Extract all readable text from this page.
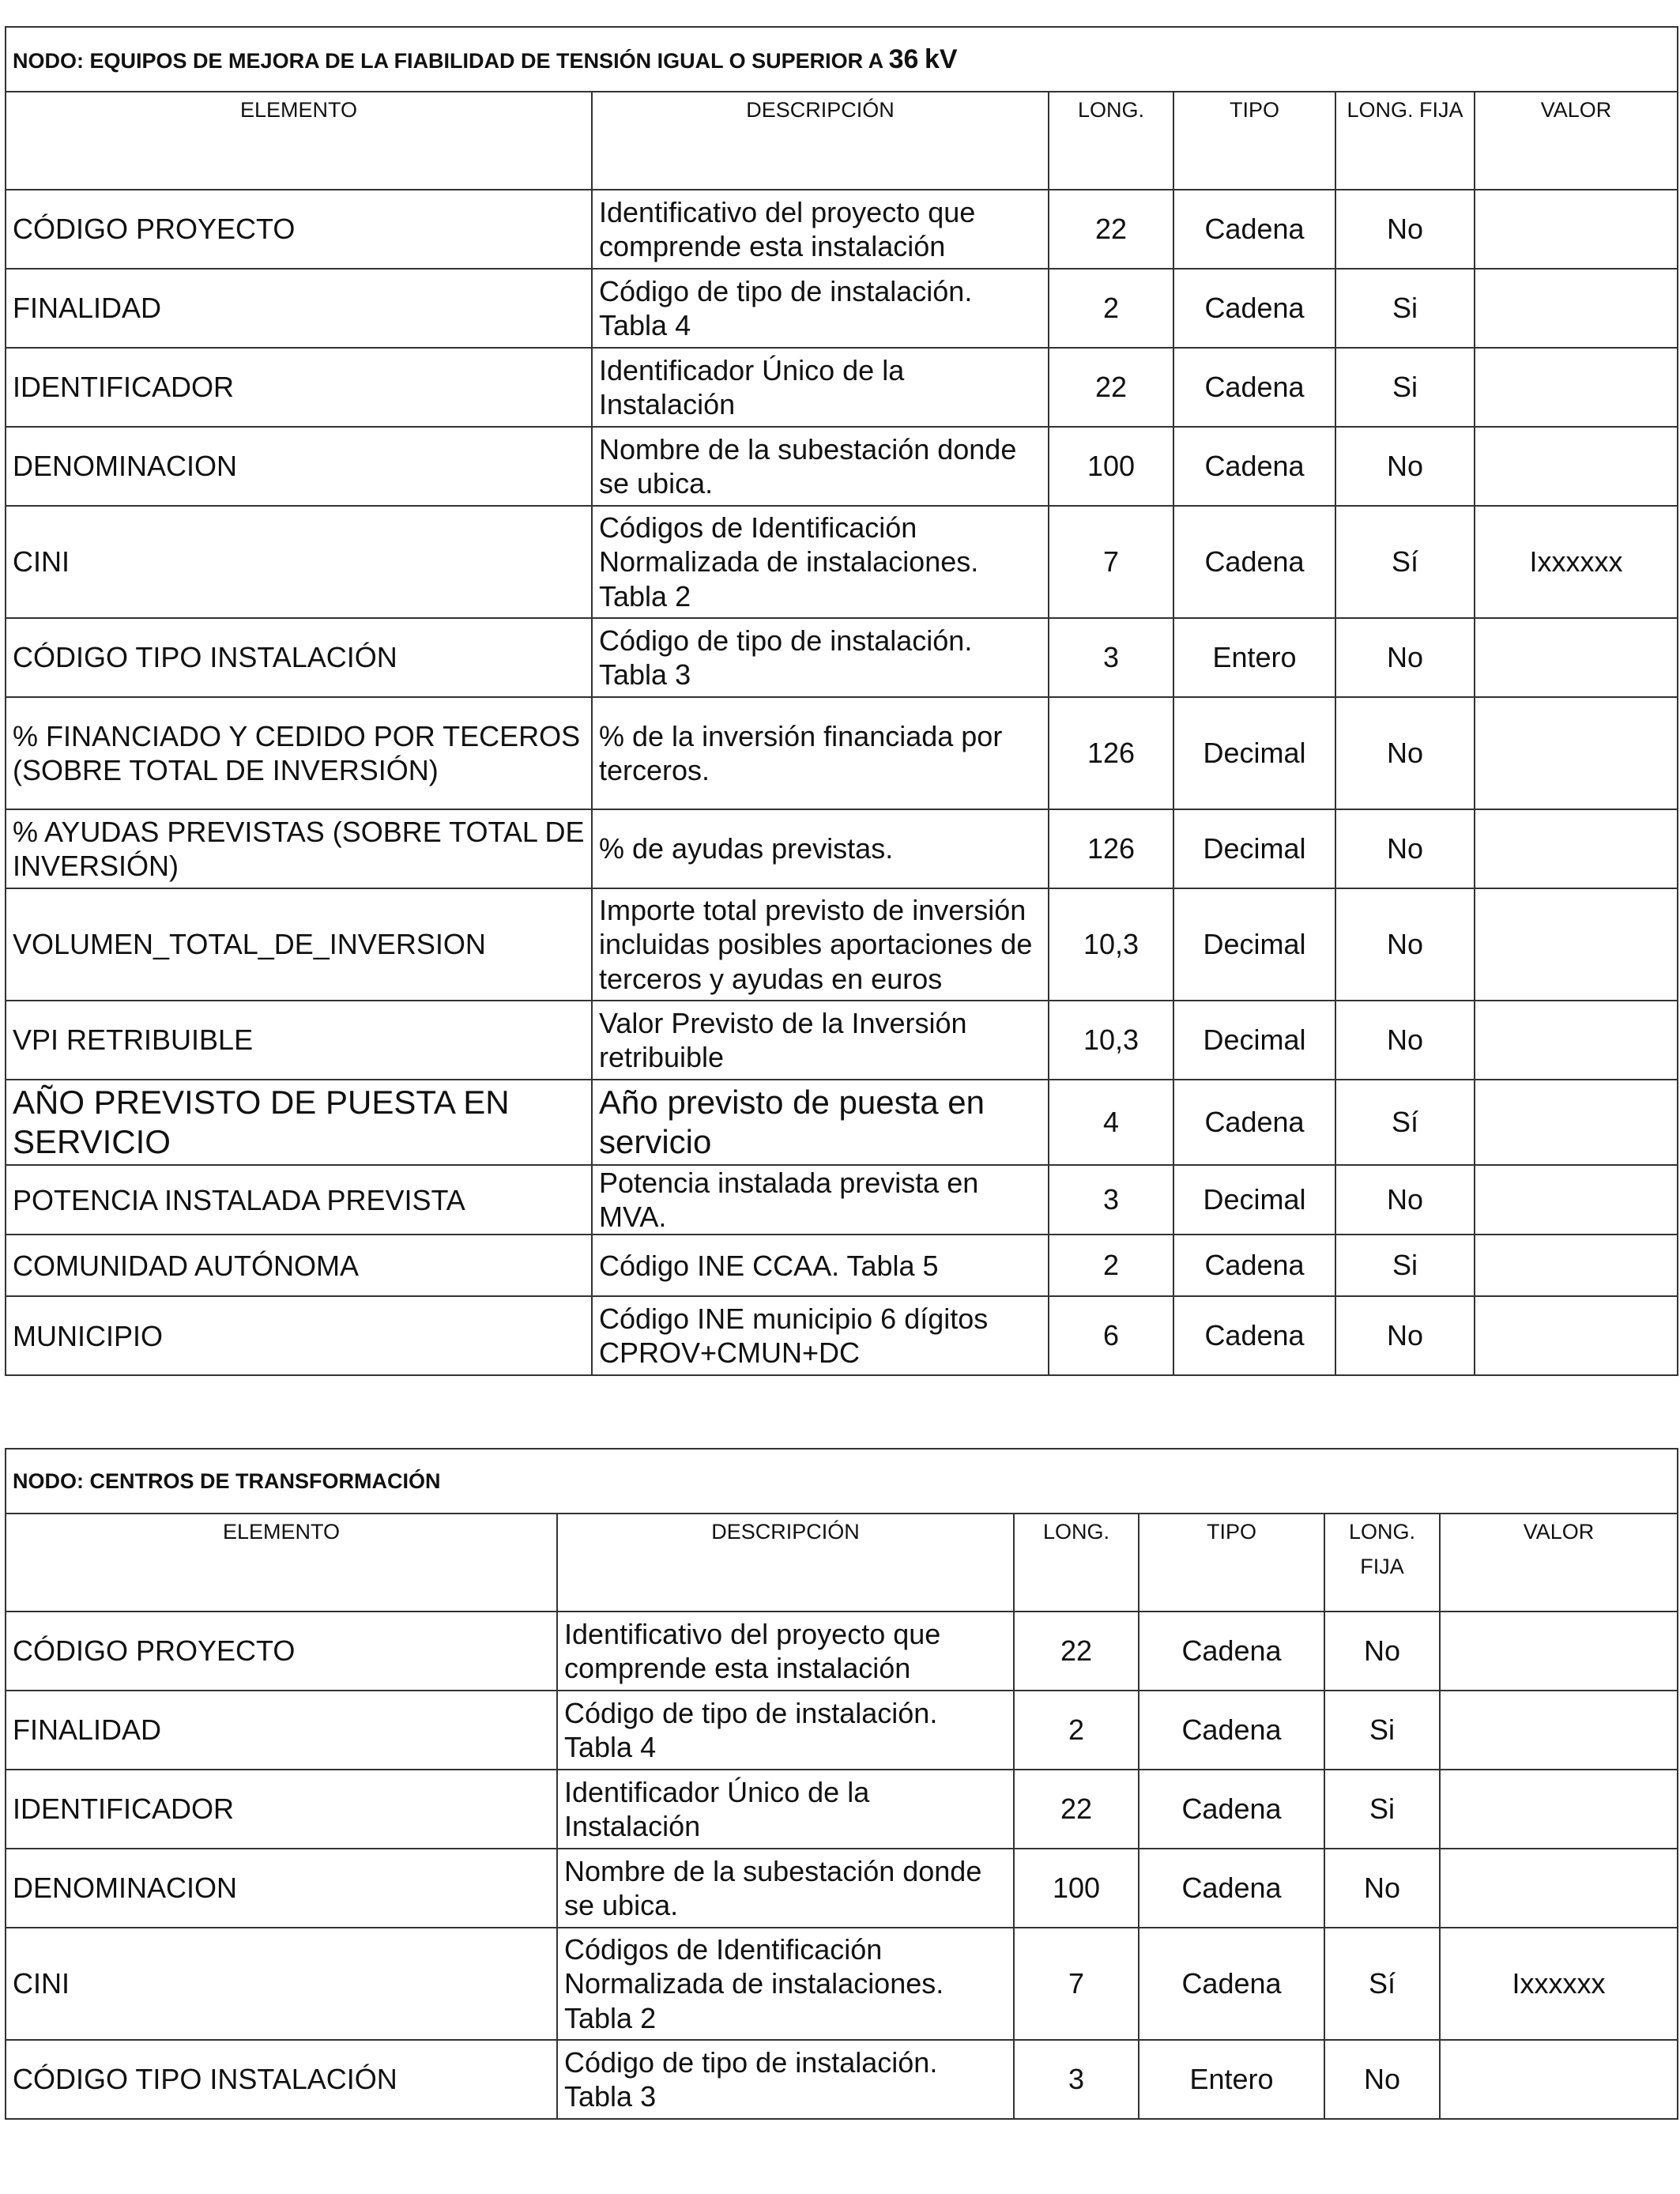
NODO: EQUIPOS DE MEJORA DE LA FIABILIDAD DE TENSIÓN IGUAL O SUPERIOR A 36 kV					
ELEMENTO	DESCRIPCIÓN	LONG.	TIPO	LONG. FIJA	VALOR
CÓDIGO PROYECTO	Identificativo del proyecto que comprende esta instalación	22	Cadena	No	
FINALIDAD	Código de tipo de instalación. Tabla 4	2	Cadena	Si	
IDENTIFICADOR	Identificador Único de la Instalación	22	Cadena	Si	
DENOMINACION	Nombre de la subestación donde se ubica.	100	Cadena	No	
CINI	Códigos de Identificación Normalizada de instalaciones. Tabla 2	7	Cadena	Sí	Ixxxxxx
CÓDIGO TIPO INSTALACIÓN	Código de tipo de instalación. Tabla 3	3	Entero	No	
% FINANCIADO Y CEDIDO POR TECEROS (SOBRE TOTAL DE INVERSIÓN)	% de la inversión financiada por terceros.	126	Decimal	No	
% AYUDAS PREVISTAS (SOBRE TOTAL DE INVERSIÓN)	% de ayudas previstas.	126	Decimal	No	
VOLUMEN_TOTAL_DE_INVERSION	Importe total previsto de inversión incluidas posibles aportaciones de terceros y ayudas en euros	10,3	Decimal	No	
VPI RETRIBUIBLE	Valor Previsto de la Inversión retribuible	10,3	Decimal	No	
AÑO PREVISTO DE PUESTA EN SERVICIO	Año previsto de puesta en servicio	4	Cadena	Sí	
POTENCIA INSTALADA PREVISTA	Potencia instalada prevista en MVA.	3	Decimal	No	
COMUNIDAD AUTÓNOMA	Código INE CCAA. Tabla 5	2	Cadena	Si	
MUNICIPIO	Código INE municipio 6 dígitos CPROV+CMUN+DC	6	Cadena	No	
NODO: CENTROS DE TRANSFORMACIÓN					
ELEMENTO	DESCRIPCIÓN	LONG.	TIPO	LONG. FIJA	VALOR
CÓDIGO PROYECTO	Identificativo del proyecto que comprende esta instalación	22	Cadena	No	
FINALIDAD	Código de tipo de instalación. Tabla 4	2	Cadena	Si	
IDENTIFICADOR	Identificador Único de la Instalación	22	Cadena	Si	
DENOMINACION	Nombre de la subestación donde se ubica.	100	Cadena	No	
CINI	Códigos de Identificación Normalizada de instalaciones. Tabla 2	7	Cadena	Sí	Ixxxxxx
CÓDIGO TIPO INSTALACIÓN	Código de tipo de instalación. Tabla 3	3	Entero	No	
